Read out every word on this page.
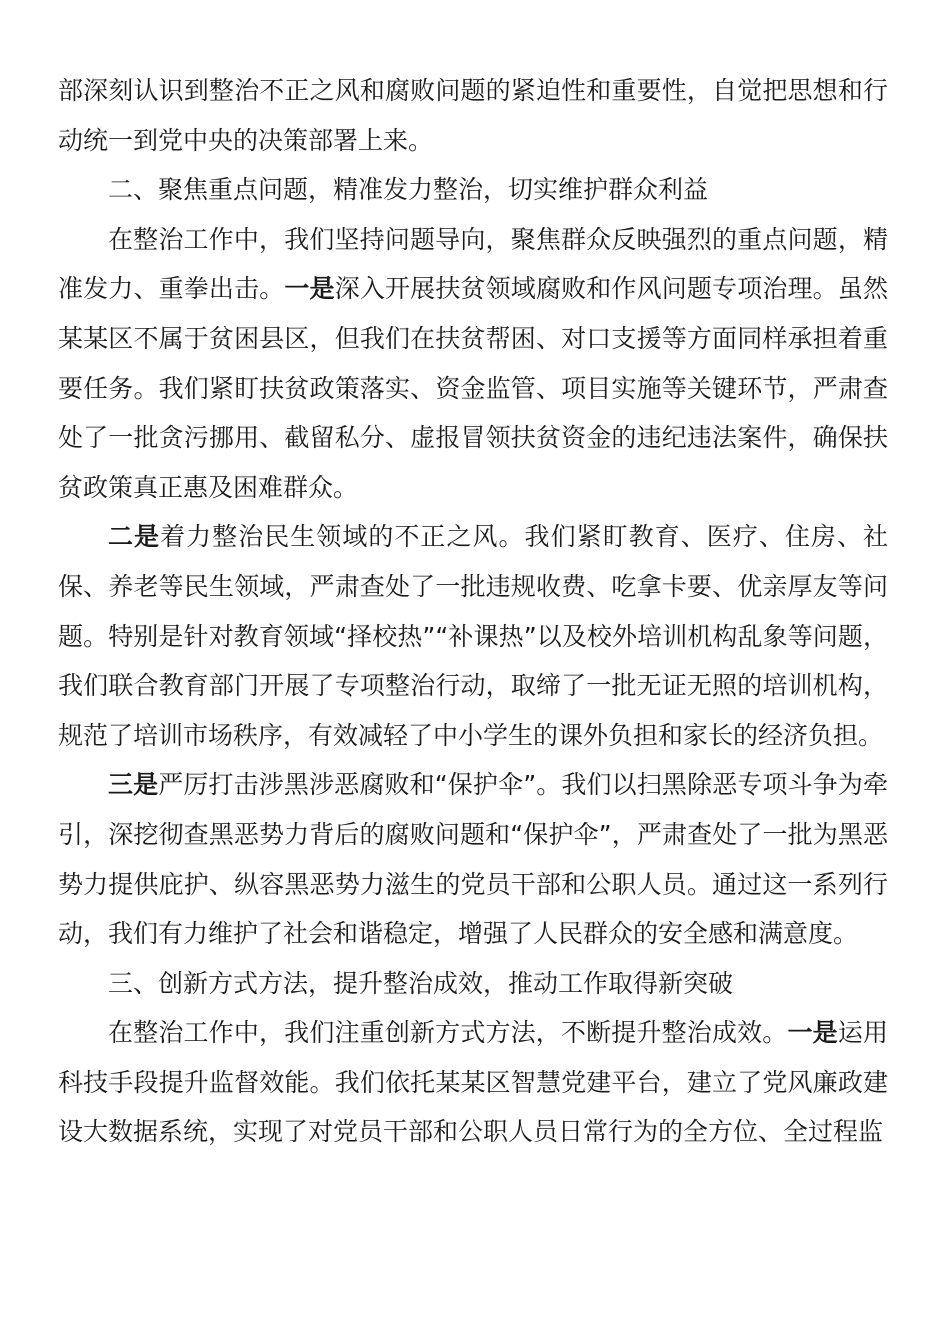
部深刻认识到整治不正之风和腐败问题的紧迫性和重要性，自觉把思想和行动统一到党中央的决策部署上来。

二、聚焦重点问题，精准发力整治，切实维护群众利益

在整治工作中，我们坚持问题导向，聚焦群众反映强烈的重点问题，精准发力、重拳出击。一是深入开展扶贫领域腐败和作风问题专项治理。虽然某某区不属于贫困县区，但我们在扶贫帮困、对口支援等方面同样承担着重要任务。我们紧盯扶贫政策落实、资金监管、项目实施等关键环节，严肃查处了一批贪污挪用、截留私分、虚报冒领扶贫资金的违纪违法案件，确保扶贫政策真正惠及困难群众。

二是着力整治民生领域的不正之风。我们紧盯教育、医疗、住房、社保、养老等民生领域，严肃查处了一批违规收费、吃拿卡要、优亲厚友等问题。特别是针对教育领域“择校热”“补课热”以及校外培训机构乱象等问题，我们联合教育部门开展了专项整治行动，取缔了一批无证无照的培训机构，规范了培训市场秩序，有效减轻了中小学生的课外负担和家长的经济负担。

三是严厉打击涉黑涉恶腐败和“保护伞”。我们以扫黑除恶专项斗争为牵引，深挖彻查黑恶势力背后的腐败问题和“保护伞”，严肃查处了一批为黑恶势力提供庇护、纵容黑恶势力滋生的党员干部和公职人员。通过这一系列行动，我们有力维护了社会和谐稳定，增强了人民群众的安全感和满意度。

三、创新方式方法，提升整治成效，推动工作取得新突破

在整治工作中，我们注重创新方式方法，不断提升整治成效。一是运用科技手段提升监督效能。我们依托某某区智慧党建平台，建立了党风廉政建设大数据系统，实现了对党员干部和公职人员日常行为的全方位、全过程监
